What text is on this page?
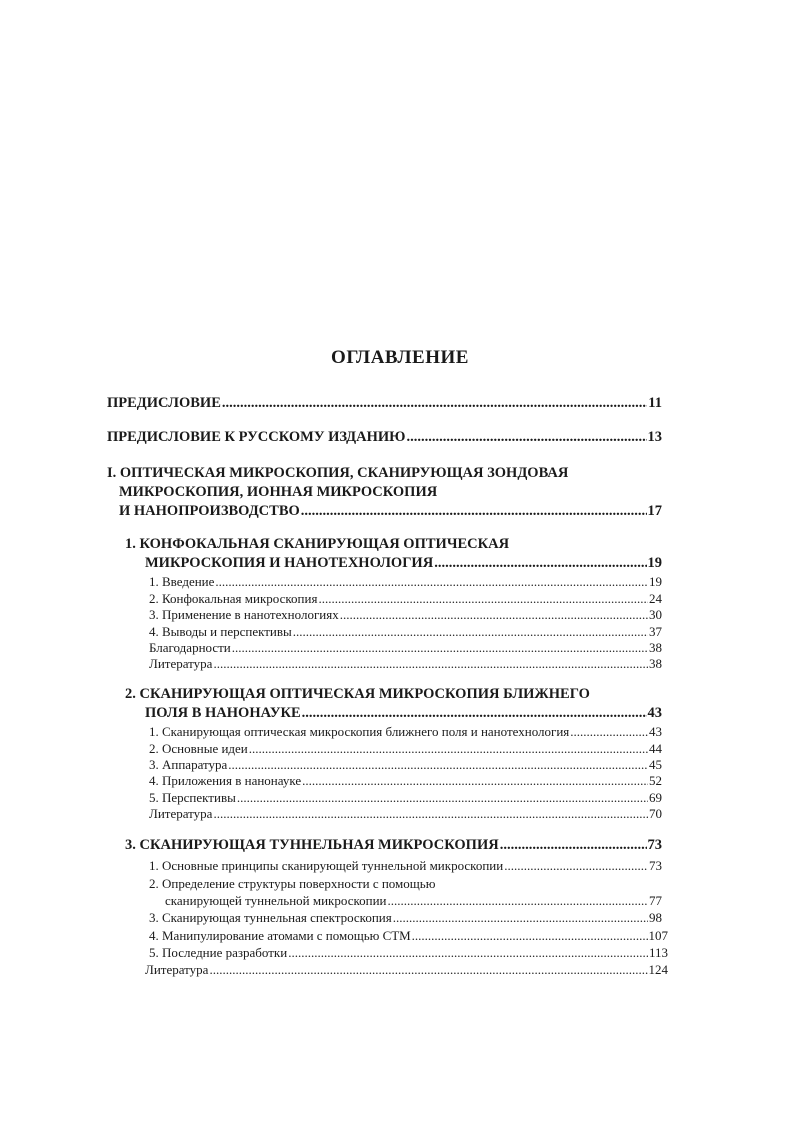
ОГЛАВЛЕНИЕ
ПРЕДИСЛОВИЕ .....	11
ПРЕДИСЛОВИЕ К РУССКОМУ ИЗДАНИЮ .....	13
I. ОПТИЧЕСКАЯ МИКРОСКОПИЯ, СКАНИРУЮЩАЯ ЗОНДОВАЯ
МИКРОСКОПИЯ, ИОННАЯ МИКРОСКОПИЯ
И НАНОПРОИЗВОДСТВО .....	17
1. КОНФОКАЛЬНАЯ СКАНИРУЮЩАЯ ОПТИЧЕСКАЯ
МИКРОСКОПИЯ И НАНОТЕХНОЛОГИЯ .....	19
1. Введение .....	19
2. Конфокальная микроскопия .....	24
3. Применение в нанотехнологиях .....	30
4. Выводы и перспективы .....	37
Благодарности .....	38
Литература .....	38
2. СКАНИРУЮЩАЯ ОПТИЧЕСКАЯ МИКРОСКОПИЯ БЛИЖНЕГО
ПОЛЯ В НАНОНАУКЕ .....	43
1. Сканирующая оптическая микроскопия ближнего поля и нанотехнология .....	43
2. Основные идеи .....	44
3. Аппаратура .....	45
4. Приложения в нанонауке .....	52
5. Перспективы .....	69
Литература .....	70
3. СКАНИРУЮЩАЯ ТУННЕЛЬНАЯ МИКРОСКОПИЯ .....	73
1. Основные принципы сканирующей туннельной микроскопии .....	73
2. Определение структуры поверхности с помощью
сканирующей туннельной микроскопии .....	77
3. Сканирующая туннельная спектроскопия .....	98
4. Манипулирование атомами с помощью СТМ .....	107
5. Последние разработки .....	113
Литература .....	124
